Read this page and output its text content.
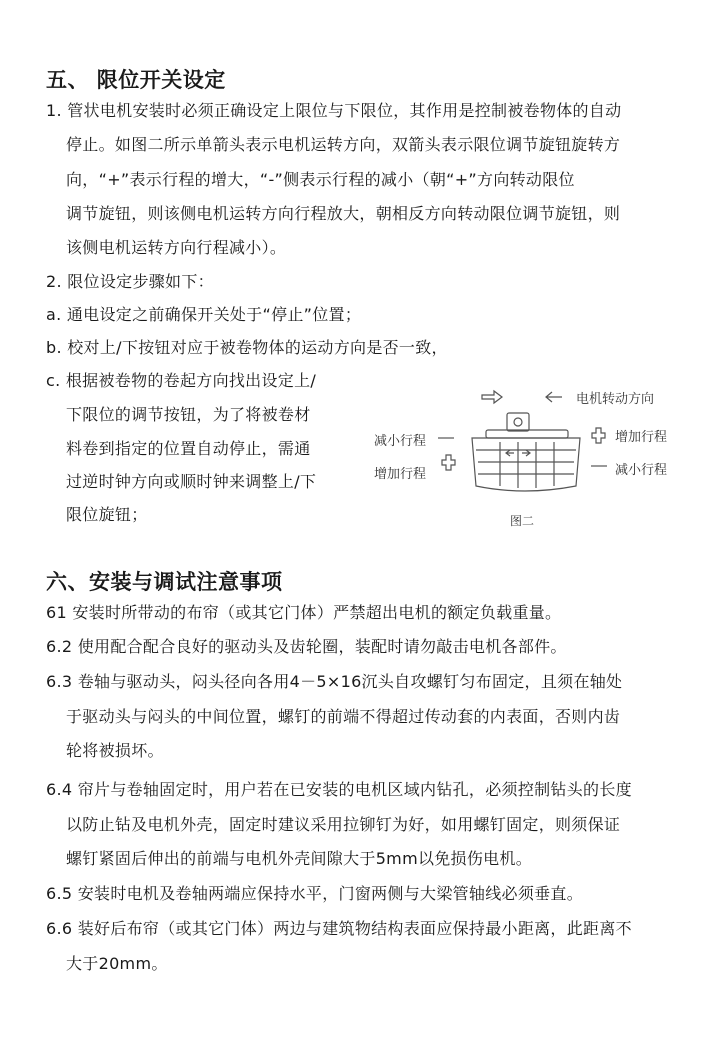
五、 限位开关设定

1. 管状电机安装时必须正确设定上限位与下限位，其作用是控制被卷物体的自动

停止。如图二所示单箭头表示电机运转方向，双箭头表示限位调节旋钮旋转方

向，“+”表示行程的增大，“-”侧表示行程的减小（朝“+”方向转动限位

调节旋钮，则该侧电机运转方向行程放大，朝相反方向转动限位调节旋钮，则

该侧电机运转方向行程减小）。

2. 限位设定步骤如下：

a. 通电设定之前确保开关处于“停止”位置；

b. 校对上/下按钮对应于被卷物体的运动方向是否一致，

c. 根据被卷物的卷起方向找出设定上/

下限位的调节按钮，为了将被卷材

料卷到指定的位置自动停止，需通

过逆时钟方向或顺时钟来调整上/下

限位旋钮；

电机转动方向
减小行程
增加行程
增加行程
减小行程
图二
六、安装与调试注意事项

61 安装时所带动的布帘（或其它门体）严禁超出电机的额定负载重量。

6.2 使用配合配合良好的驱动头及齿轮圈，装配时请勿敲击电机各部件。

6.3 卷轴与驱动头，闷头径向各用4－5×16沉头自攻螺钉匀布固定，且须在轴处

于驱动头与闷头的中间位置，螺钉的前端不得超过传动套的内表面，否则内齿

轮将被损坏。

6.4 帘片与卷轴固定时，用户若在已安装的电机区域内钻孔，必须控制钻头的长度

以防止钻及电机外壳，固定时建议采用拉铆钉为好，如用螺钉固定，则须保证

螺钉紧固后伸出的前端与电机外壳间隙大于5mm以免损伤电机。

6.5 安装时电机及卷轴两端应保持水平，门窗两侧与大梁管轴线必须垂直。

6.6 装好后布帘（或其它门体）两边与建筑物结构表面应保持最小距离，此距离不

大于20mm。
